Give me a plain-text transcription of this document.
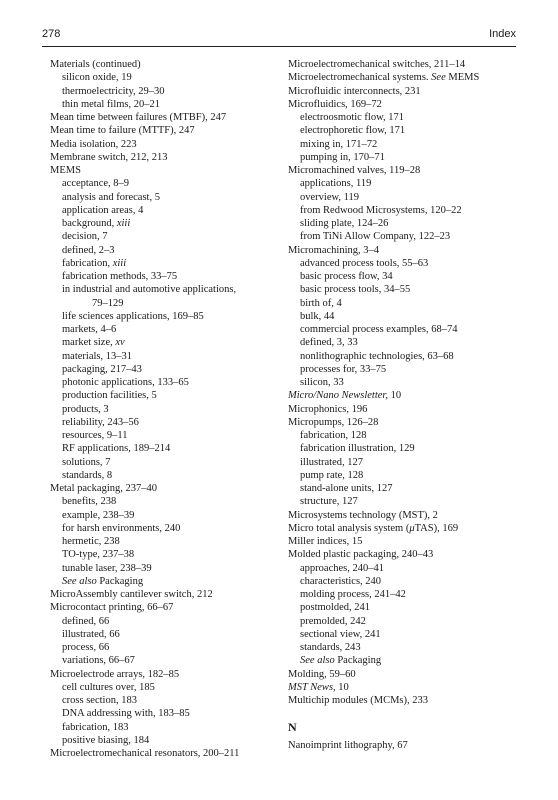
278	Index
Materials (continued)
silicon oxide, 19
thermoelectricity, 29–30
thin metal films, 20–21
Mean time between failures (MTBF), 247
Mean time to failure (MTTF), 247
Media isolation, 223
Membrane switch, 212, 213
MEMS
acceptance, 8–9
analysis and forecast, 5
application areas, 4
background, xiii
decision, 7
defined, 2–3
fabrication, xiii
fabrication methods, 33–75
in industrial and automotive applications,
79–129
life sciences applications, 169–85
markets, 4–6
market size, xv
materials, 13–31
packaging, 217–43
photonic applications, 133–65
production facilities, 5
products, 3
reliability, 243–56
resources, 9–11
RF applications, 189–214
solutions, 7
standards, 8
Metal packaging, 237–40
benefits, 238
example, 238–39
for harsh environments, 240
hermetic, 238
TO-type, 237–38
tunable laser, 238–39
See also Packaging
MicroAssembly cantilever switch, 212
Microcontact printing, 66–67
defined, 66
illustrated, 66
process, 66
variations, 66–67
Microelectrode arrays, 182–85
cell cultures over, 185
cross section, 183
DNA addressing with, 183–85
fabrication, 183
positive biasing, 184
Microelectromechanical resonators, 200–211
Microelectromechanical switches, 211–14
Microelectromechanical systems. See MEMS
Microfluidic interconnects, 231
Microfluidics, 169–72
electroosmotic flow, 171
electrophoretic flow, 171
mixing in, 171–72
pumping in, 170–71
Micromachined valves, 119–28
applications, 119
overview, 119
from Redwood Microsystems, 120–22
sliding plate, 124–26
from TiNi Allow Company, 122–23
Micromachining, 3–4
advanced process tools, 55–63
basic process flow, 34
basic process tools, 34–55
birth of, 4
bulk, 44
commercial process examples, 68–74
defined, 3, 33
nonlithographic technologies, 63–68
processes for, 33–75
silicon, 33
Micro/Nano Newsletter, 10
Microphonics, 196
Micropumps, 126–28
fabrication, 128
fabrication illustration, 129
illustrated, 127
pump rate, 128
stand-alone units, 127
structure, 127
Microsystems technology (MST), 2
Micro total analysis system (μTAS), 169
Miller indices, 15
Molded plastic packaging, 240–43
approaches, 240–41
characteristics, 240
molding process, 241–42
postmolded, 241
premolded, 242
sectional view, 241
standards, 243
See also Packaging
Molding, 59–60
MST News, 10
Multichip modules (MCMs), 233
N
Nanoimprint lithography, 67
